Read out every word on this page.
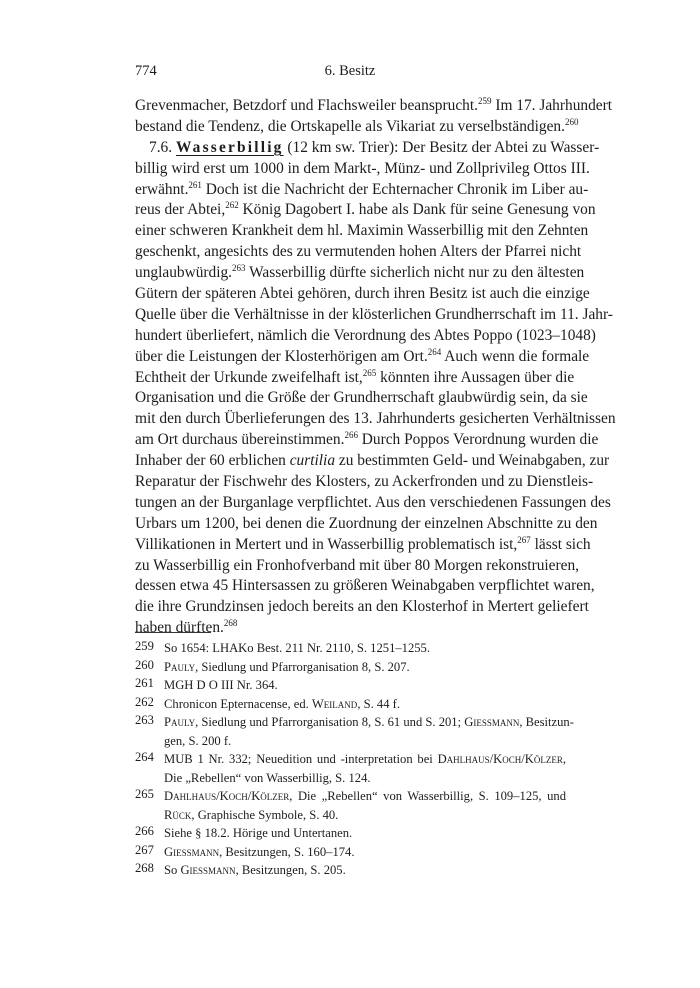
774	6. Besitz
Grevenmacher, Betzdorf und Flachsweiler beansprucht.$^{259}$ Im 17. Jahrhundert
bestand die Tendenz, die Ortskapelle als Vikariat zu verselbständigen.$^{260}$
7.6. Wasserbillig (12 km sw. Trier): Der Besitz der Abtei zu Wasser-
billig wird erst um 1000 in dem Markt-, Münz- und Zollprivileg Ottos III.
erwähnt.$^{261}$ Doch ist die Nachricht der Echternacher Chronik im Liber au-
reus der Abtei,$^{262}$ König Dagobert I. habe als Dank für seine Genesung von
einer schweren Krankheit dem hl. Maximin Wasserbillig mit den Zehnten
geschenkt, angesichts des zu vermutenden hohen Alters der Pfarrei nicht
unglaubwürdig.$^{263}$ Wasserbillig dürfte sicherlich nicht nur zu den ältesten
Gütern der späteren Abtei gehören, durch ihren Besitz ist auch die einzige
Quelle über die Verhältnisse in der klösterlichen Grundherrschaft im 11. Jahr-
hundert überliefert, nämlich die Verordnung des Abtes Poppo (1023–1048)
über die Leistungen der Klosterhörigen am Ort.$^{264}$ Auch wenn die formale
Echtheit der Urkunde zweifelhaft ist,$^{265}$ könnten ihre Aussagen über die
Organisation und die Größe der Grundherrschaft glaubwürdig sein, da sie
mit den durch Überlieferungen des 13. Jahrhunderts gesicherten Verhältnissen
am Ort durchaus übereinstimmen.$^{266}$ Durch Poppos Verordnung wurden die
Inhaber der 60 erblichen curtilia zu bestimmten Geld- und Weinabgaben, zur
Reparatur der Fischwehr des Klosters, zu Ackerfronden und zu Dienstleis-
tungen an der Burganlage verpflichtet. Aus den verschiedenen Fassungen des
Urbars um 1200, bei denen die Zuordnung der einzelnen Abschnitte zu den
Villikationen in Mertert und in Wasserbillig problematisch ist,$^{267}$ lässt sich
zu Wasserbillig ein Fronhofverband mit über 80 Morgen rekonstruieren,
dessen etwa 45 Hintersassen zu größeren Weinabgaben verpflichtet waren,
die ihre Grundzinsen jedoch bereits an den Klosterhof in Mertert geliefert
haben dürften.$^{268}$
259 So 1654: LHAKo Best. 211 Nr. 2110, S. 1251–1255.
260 Pauly, Siedlung und Pfarrorganisation 8, S. 207.
261 MGH D O III Nr. 364.
262 Chronicon Epternacense, ed. Weiland, S. 44 f.
263 Pauly, Siedlung und Pfarrorganisation 8, S. 61 und S. 201; Giessmann, Besitzun-
gen, S. 200 f.
264 MUB 1 Nr. 332; Neuedition und -interpretation bei Dahlhaus/Koch/Kölzer,
Die „Rebellen“ von Wasserbillig, S. 124.
265 Dahlhaus/Koch/Kölzer, Die „Rebellen“ von Wasserbillig, S. 109–125, und
Rück, Graphische Symbole, S. 40.
266 Siehe § 18.2. Hörige und Untertanen.
267 Giessmann, Besitzungen, S. 160–174.
268 So Giessmann, Besitzungen, S. 205.
